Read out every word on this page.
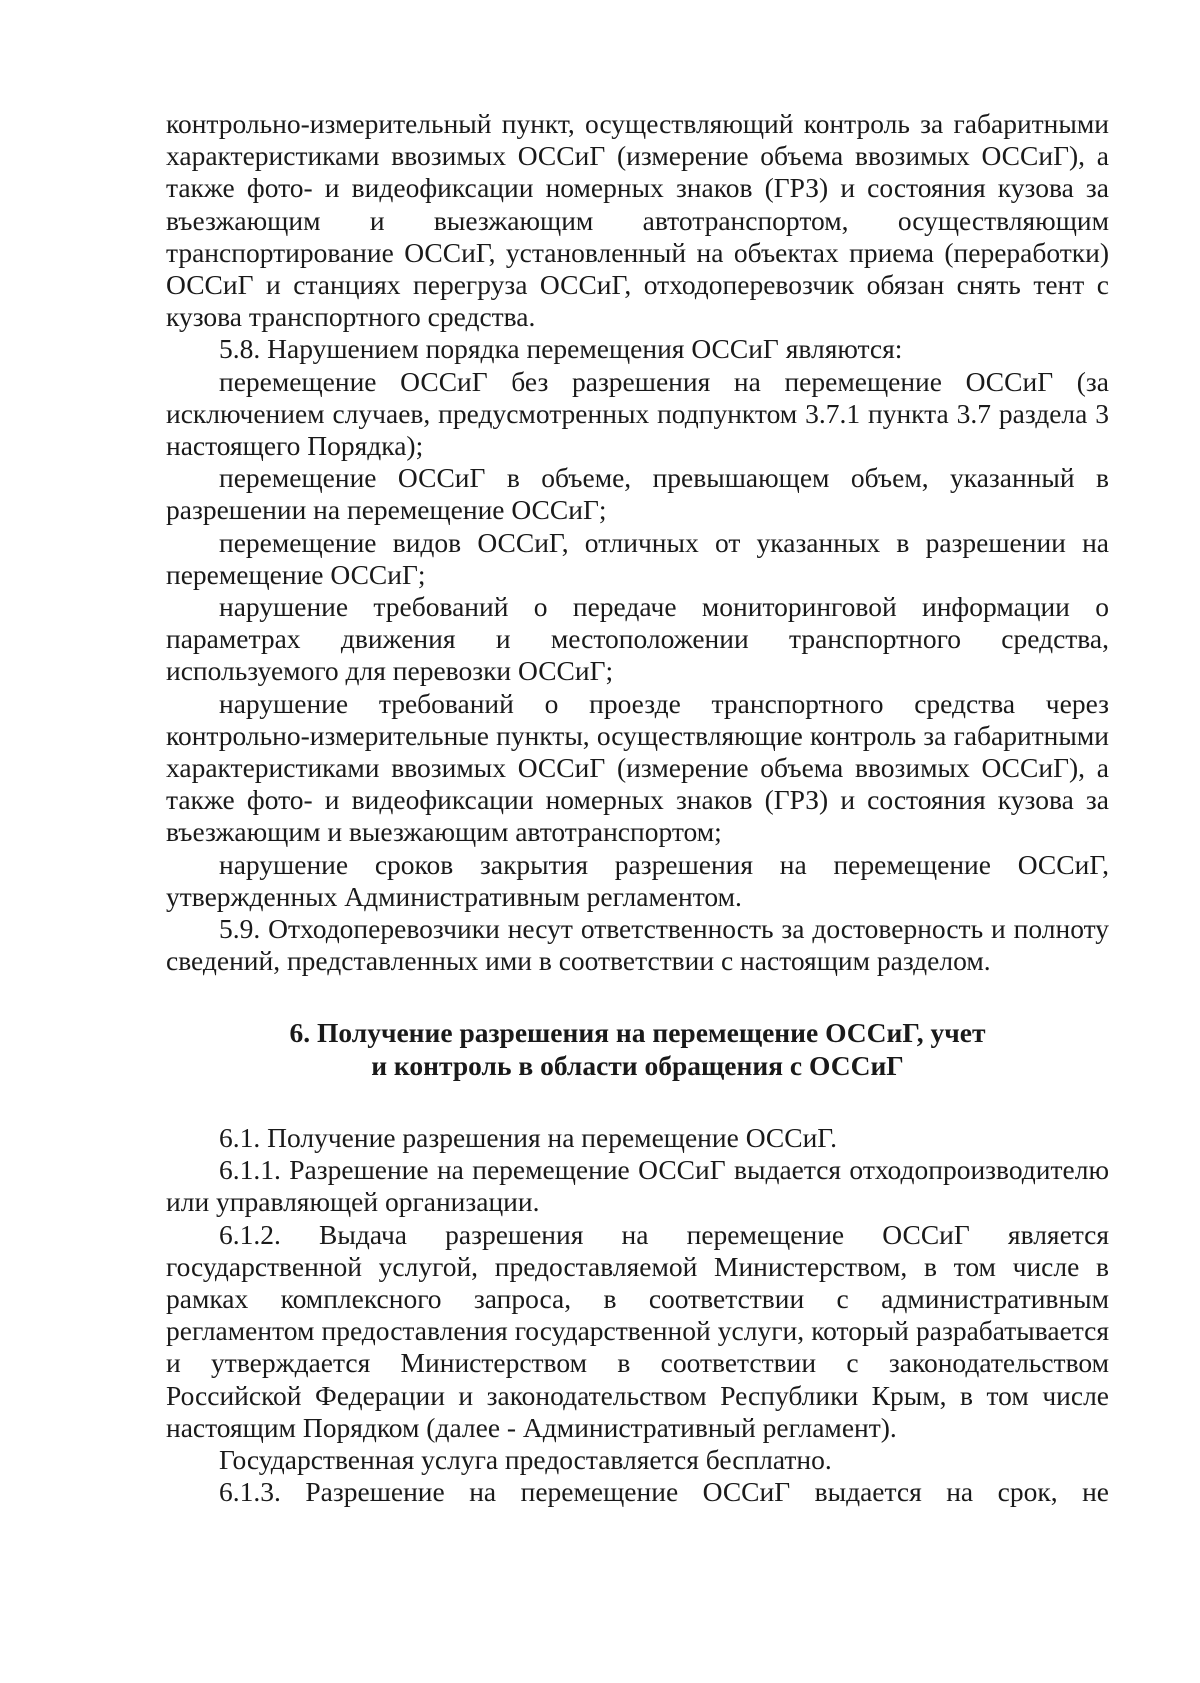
контрольно-измерительный пункт, осуществляющий контроль за габаритными характеристиками ввозимых ОССиГ (измерение объема ввозимых ОССиГ), а также фото- и видеофиксации номерных знаков (ГРЗ) и состояния кузова за въезжающим и выезжающим автотранспортом, осуществляющим транспортирование ОССиГ, установленный на объектах приема (переработки) ОССиГ и станциях перегруза ОССиГ, отходоперевозчик обязан снять тент с кузова транспортного средства.

5.8. Нарушением порядка перемещения ОССиГ являются:

перемещение ОССиГ без разрешения на перемещение ОССиГ (за исключением случаев, предусмотренных подпунктом 3.7.1 пункта 3.7 раздела 3 настоящего Порядка);

перемещение ОССиГ в объеме, превышающем объем, указанный в разрешении на перемещение ОССиГ;

перемещение видов ОССиГ, отличных от указанных в разрешении на перемещение ОССиГ;

нарушение требований о передаче мониторинговой информации о параметрах движения и местоположении транспортного средства, используемого для перевозки ОССиГ;

нарушение требований о проезде транспортного средства через контрольно-измерительные пункты, осуществляющие контроль за габаритными характеристиками ввозимых ОССиГ (измерение объема ввозимых ОССиГ), а также фото- и видеофиксации номерных знаков (ГРЗ) и состояния кузова за въезжающим и выезжающим автотранспортом;

нарушение сроков закрытия разрешения на перемещение ОССиГ, утвержденных Административным регламентом.

5.9. Отходоперевозчики несут ответственность за достоверность и полноту сведений, представленных ими в соответствии с настоящим разделом.

6. Получение разрешения на перемещение ОССиГ, учет

и контроль в области обращения с ОССиГ

6.1. Получение разрешения на перемещение ОССиГ.

6.1.1. Разрешение на перемещение ОССиГ выдается отходопроизводителю или управляющей организации.

6.1.2. Выдача разрешения на перемещение ОССиГ является государственной услугой, предоставляемой Министерством, в том числе в рамках комплексного запроса, в соответствии с административным регламентом предоставления государственной услуги, который разрабатывается и утверждается Министерством в соответствии с законодательством Российской Федерации и законодательством Республики Крым, в том числе настоящим Порядком (далее - Административный регламент).

Государственная услуга предоставляется бесплатно.

6.1.3. Разрешение на перемещение ОССиГ выдается на срок, не
